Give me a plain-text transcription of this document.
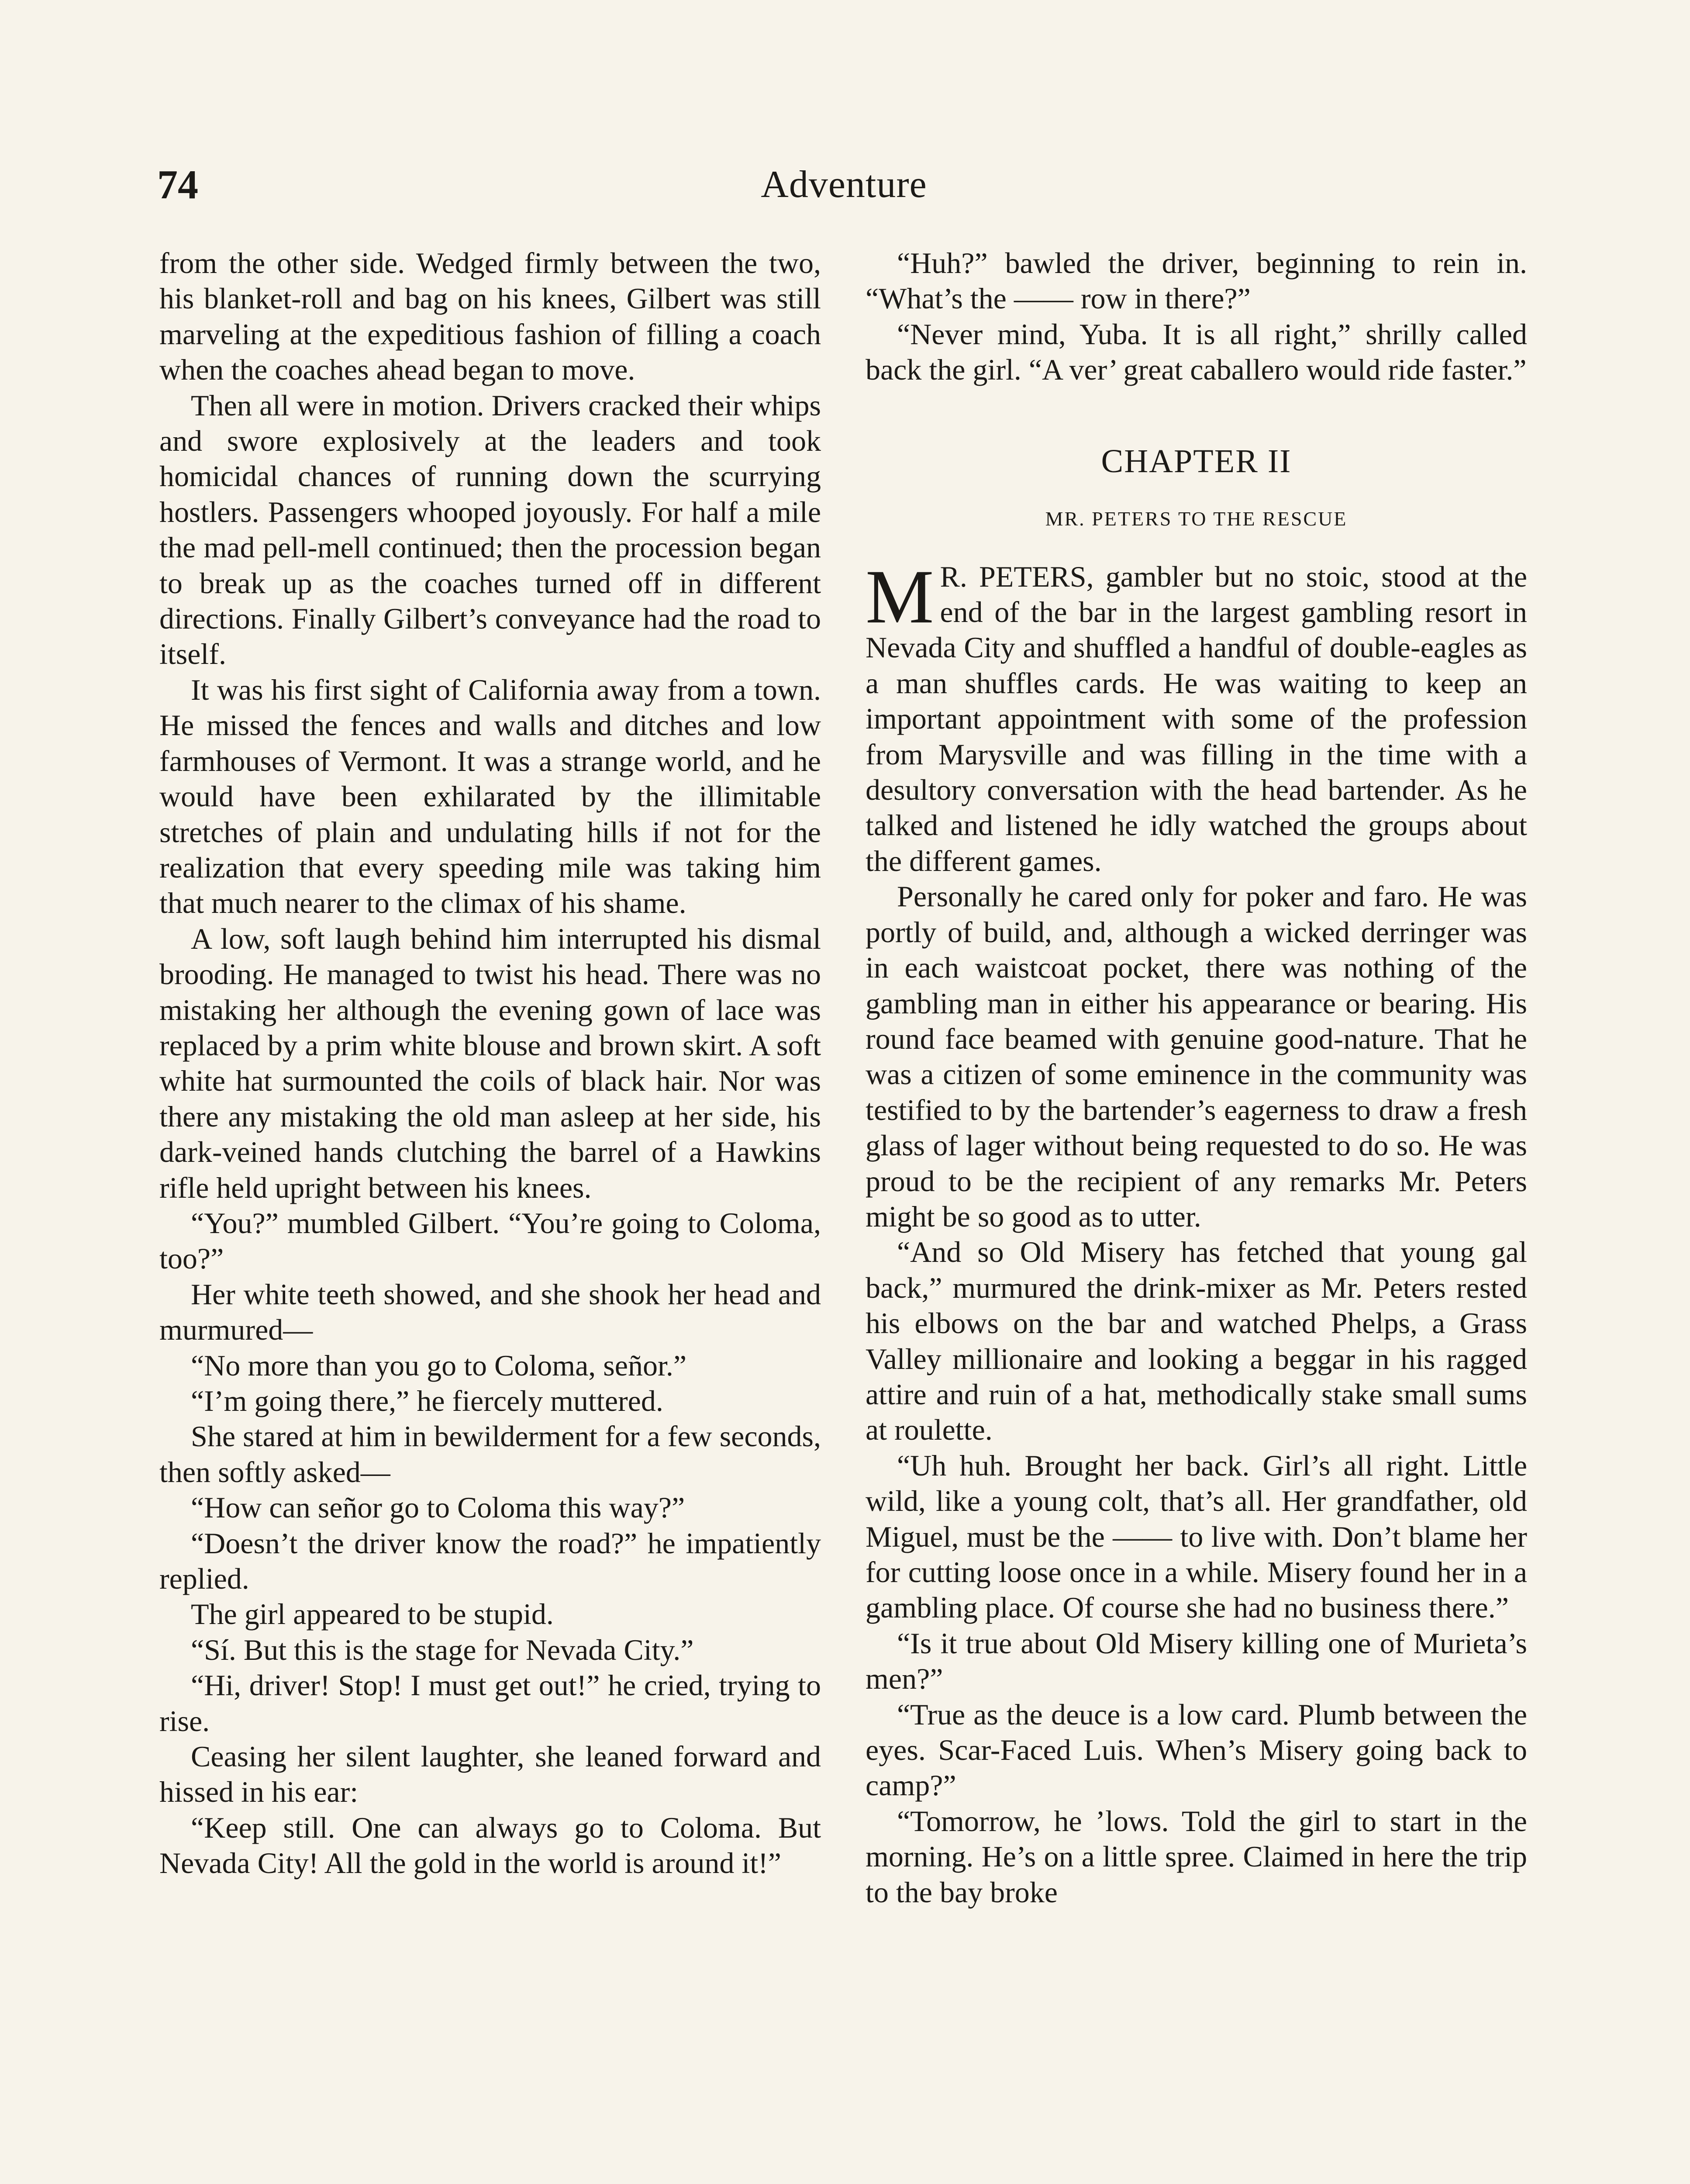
74	Adventure

from the other side. Wedged firmly between the two, his blanket-roll and bag on his knees, Gilbert was still marveling at the expeditious fashion of filling a coach when the coaches ahead began to move.

Then all were in motion. Drivers cracked their whips and swore explosively at the leaders and took homicidal chances of running down the scurrying hostlers. Passengers whooped joyously. For half a mile the mad pell-mell continued; then the procession began to break up as the coaches turned off in different directions. Finally Gilbert’s conveyance had the road to itself.

It was his first sight of California away from a town. He missed the fences and walls and ditches and low farmhouses of Vermont. It was a strange world, and he would have been exhilarated by the illimitable stretches of plain and undulating hills if not for the realization that every speeding mile was taking him that much nearer to the climax of his shame.

A low, soft laugh behind him interrupted his dismal brooding. He managed to twist his head. There was no mistaking her although the evening gown of lace was replaced by a prim white blouse and brown skirt. A soft white hat surmounted the coils of black hair. Nor was there any mistaking the old man asleep at her side, his dark-veined hands clutching the barrel of a Hawkins rifle held upright between his knees.

“You?” mumbled Gilbert. “You’re going to Coloma, too?”

Her white teeth showed, and she shook her head and murmured—

“No more than you go to Coloma, señor.”

“I’m going there,” he fiercely muttered.

She stared at him in bewilderment for a few seconds, then softly asked—

“How can señor go to Coloma this way?”

“Doesn’t the driver know the road?” he impatiently replied.

The girl appeared to be stupid.

“Sí. But this is the stage for Nevada City.”

“Hi, driver! Stop! I must get out!” he cried, trying to rise.

Ceasing her silent laughter, she leaned forward and hissed in his ear:

“Keep still. One can always go to Coloma. But Nevada City! All the gold in the world is around it!”

“Huh?” bawled the driver, beginning to rein in. “What’s the —— row in there?”

“Never mind, Yuba. It is all right,” shrilly called back the girl. “A ver’ great caballero would ride faster.”

CHAPTER II
MR. PETERS TO THE RESCUE

M R. PETERS, gambler but no stoic, stood at the end of the bar in the largest gambling resort in Nevada City and shuffled a handful of double-eagles as a man shuffles cards. He was waiting to keep an important appointment with some of the profession from Marysville and was filling in the time with a desultory conversation with the head bartender. As he talked and listened he idly watched the groups about the different games.

Personally he cared only for poker and faro. He was portly of build, and, although a wicked derringer was in each waistcoat pocket, there was nothing of the gambling man in either his appearance or bearing. His round face beamed with genuine good-nature. That he was a citizen of some eminence in the community was testified to by the bartender’s eagerness to draw a fresh glass of lager without being requested to do so. He was proud to be the recipient of any remarks Mr. Peters might be so good as to utter.

“And so Old Misery has fetched that young gal back,” murmured the drink-mixer as Mr. Peters rested his elbows on the bar and watched Phelps, a Grass Valley millionaire and looking a beggar in his ragged attire and ruin of a hat, methodically stake small sums at roulette.

“Uh huh. Brought her back. Girl’s all right. Little wild, like a young colt, that’s all. Her grandfather, old Miguel, must be the —— to live with. Don’t blame her for cutting loose once in a while. Misery found her in a gambling place. Of course she had no business there.”

“Is it true about Old Misery killing one of Murieta’s men?”

“True as the deuce is a low card. Plumb between the eyes. Scar-Faced Luis. When’s Misery going back to camp?”

“Tomorrow, he ’lows. Told the girl to start in the morning. He’s on a little spree. Claimed in here the trip to the bay broke
